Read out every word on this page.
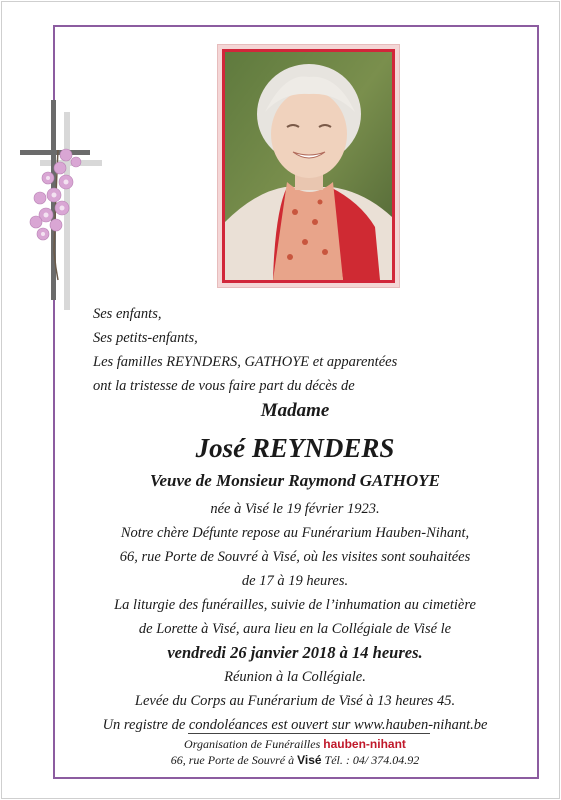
Ses enfants,
Ses petits-enfants,
Les familles REYNDERS, GATHOYE et apparentées
ont la tristesse de vous faire part du décès de
Madame
José REYNDERS
Veuve de Monsieur Raymond GATHOYE
née à Visé le 19 février 1923.
Notre chère Défunte repose au Funérarium Hauben-Nihant,
66, rue Porte de Souvré à Visé, où les visites sont souhaitées
de 17 à 19 heures.
La liturgie des funérailles, suivie de l’inhumation au cimetière
de Lorette à Visé, aura lieu en la Collégiale de Visé le
vendredi 26 janvier 2018 à 14 heures.
Réunion à la Collégiale.
Levée du Corps au Funérarium de Visé à 13 heures 45.
Un registre de condoléances est ouvert sur www.hauben-nihant.be
Organisation de Funérailles hauben-nihant
66, rue Porte de Souvré à Visé Tél. : 04/ 374.04.92
